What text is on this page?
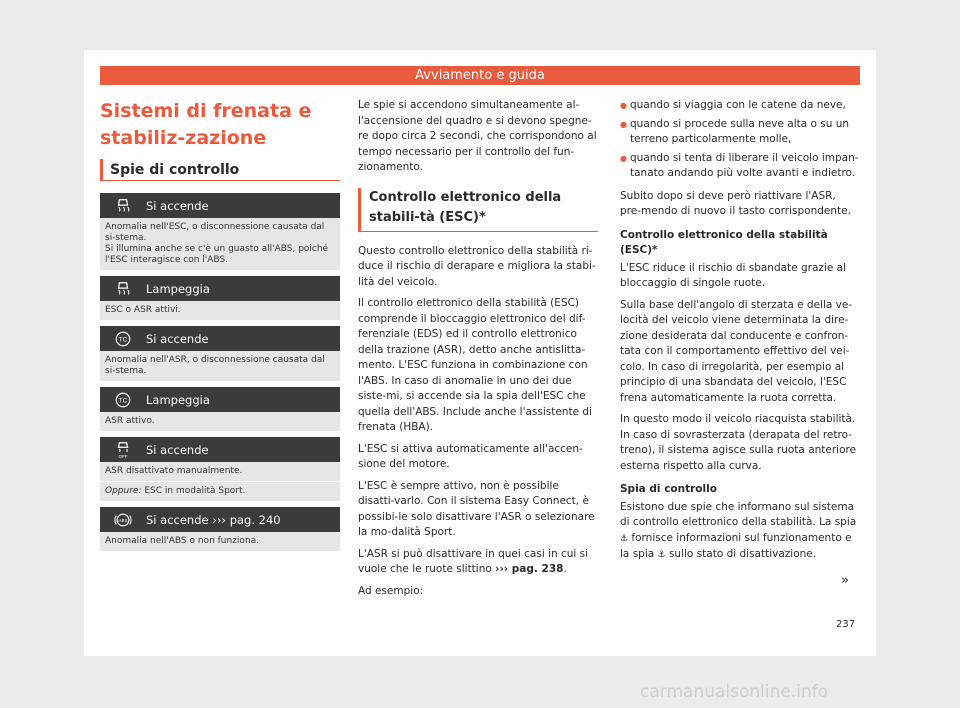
Avviamento e guida
Sistemi di frenata e stabiliz-zazione
Spie di controllo
Si accende
Anomalia nell'ESC, o disconnessione causata dal si-stema.
Si illumina anche se c'è un guasto all'ABS, poiché l'ESC interagisce con l'ABS.
Lampeggia
ESC o ASR attivi.
TC Si accende
Anomalia nell'ASR, o disconnessione causata dal si-stema.
TC Lampeggia
ASR attivo.
OFF Si accende
ASR disattivato manualmente.
Oppure: ESC in modalità Sport.
ABS Si accende ››› pag. 240
Anomalia nell'ABS o non funziona.

Le spie si accendono simultaneamente al-l'accensione del quadro e si devono spegne-re dopo circa 2 secondi, che corrispondono al tempo necessario per il controllo del fun-zionamento.

Controllo elettronico della stabili-tà (ESC)*

Questo controllo elettronico della stabilità ri-duce il rischio di derapare e migliora la stabi-lità del veicolo.

Il controllo elettronico della stabilità (ESC) comprende il bloccaggio elettronico del dif-ferenziale (EDS) ed il controllo elettronico della trazione (ASR), detto anche antislitta-mento. L'ESC funziona in combinazione con l'ABS. In caso di anomalie in uno dei due siste-mi, si accende sia la spia dell'ESC che quella dell'ABS. Include anche l'assistente di frenata (HBA).

L'ESC si attiva automaticamente all'accen-sione del motore.

L'ESC è sempre attivo, non è possibile disatti-varlo. Con il sistema Easy Connect, è possibi-le solo disattivare l'ASR o selezionare la mo-dalità Sport.

L'ASR si può disattivare in quei casi in cui si vuole che le ruote slittino ››› pag. 238.

Ad esempio:

● quando si viaggia con le catene da neve,
● quando si procede sulla neve alta o su un terreno particolarmente molle,
● quando si tenta di liberare il veicolo impan-tanato andando più volte avanti e indietro.

Subito dopo si deve però riattivare l'ASR, pre-mendo di nuovo il tasto corrispondente.

Controllo elettronico della stabilità (ESC)*

L'ESC riduce il rischio di sbandate grazie al bloccaggio di singole ruote.

Sulla base dell'angolo di sterzata e della ve-locità del veicolo viene determinata la dire-zione desiderata dal conducente e confron-tata con il comportamento effettivo del vei-colo. In caso di irregolarità, per esempio al principio di una sbandata del veicolo, l'ESC frena automaticamente la ruota corretta.

In questo modo il veicolo riacquista stabilità. In caso di sovrasterzata (derapata del retro-treno), il sistema agisce sulla ruota anteriore esterna rispetto alla curva.

Spia di controllo

Esistono due spie che informano sul sistema di controllo elettronico della stabilità. La spia ⚓ fornisce informazioni sul funzionamento e la spia ⚓ sullo stato di disattivazione.

»
237
carmanualsonline.info
